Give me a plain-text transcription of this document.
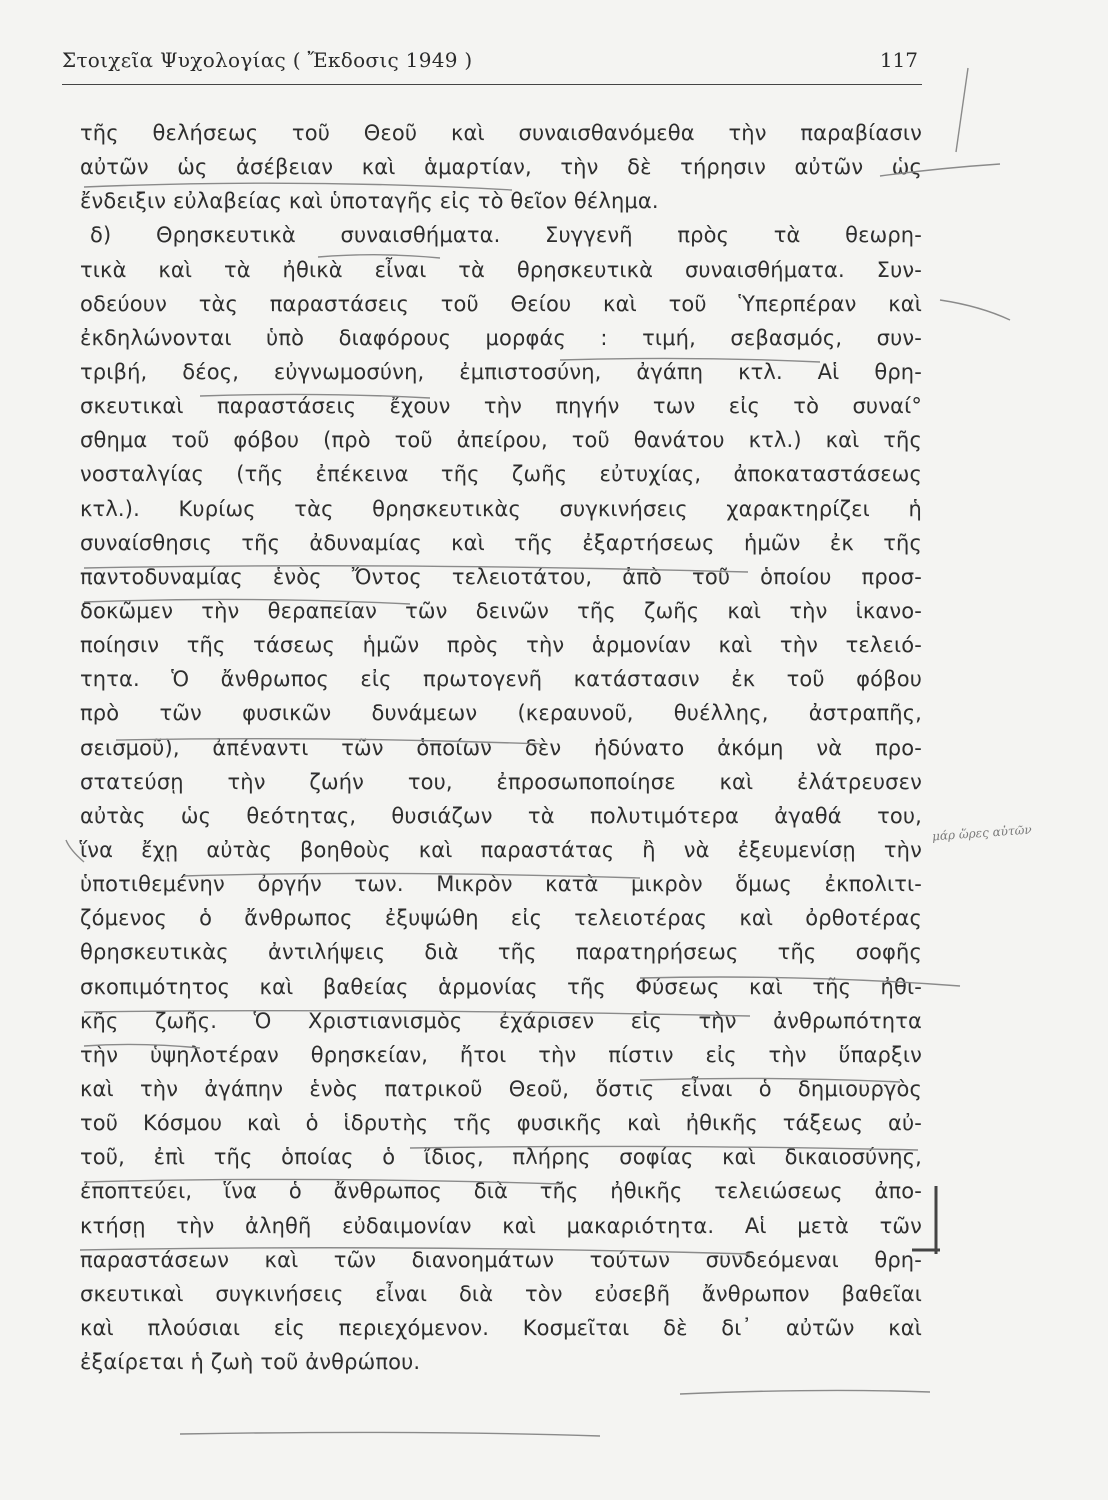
Στοιχεῖα Ψυχολογίας ( Ἔκδοσις 1949 )	117
τῆς θελήσεως τοῦ Θεοῦ καὶ συναισθανόμεθα τὴν παραβίασιν
αὐτῶν ὡς ἀσέβειαν καὶ ἁμαρτίαν, τὴν δὲ τήρησιν αὐτῶν ὡς
ἔνδειξιν εὐλαβείας καὶ ὑποταγῆς εἰς τὸ θεῖον θέλημα.
δ) Θρησκευτικὰ συναισθήματα. Συγγενῆ πρὸς τὰ θεωρη-
τικὰ καὶ τὰ ἠθικὰ εἶναι τὰ θρησκευτικὰ συναισθήματα. Συν-
οδεύουν τὰς παραστάσεις τοῦ Θείου καὶ τοῦ Ὑπερπέραν καὶ
ἐκδηλώνονται ὑπὸ διαφόρους μορφάς : τιμή, σεβασμός, συν-
τριβή, δέος, εὐγνωμοσύνη, ἐμπιστοσύνη, ἀγάπη κτλ. Αἱ θρη-
σκευτικαὶ παραστάσεις ἔχουν τὴν πηγήν των εἰς τὸ συναί°
σθημα τοῦ φόβου (πρὸ τοῦ ἀπείρου, τοῦ θανάτου κτλ.) καὶ τῆς
νοσταλγίας (τῆς ἐπέκεινα τῆς ζωῆς εὐτυχίας, ἀποκαταστάσεως
κτλ.). Κυρίως τὰς θρησκευτικὰς συγκινήσεις χαρακτηρίζει ἡ
συναίσθησις τῆς ἀδυναμίας καὶ τῆς ἐξαρτήσεως ἡμῶν ἐκ τῆς
παντοδυναμίας ἑνὸς Ὄντος τελειοτάτου, ἀπὸ τοῦ ὁποίου προσ-
δοκῶμεν τὴν θεραπείαν τῶν δεινῶν τῆς ζωῆς καὶ τὴν ἱκανο-
ποίησιν τῆς τάσεως ἡμῶν πρὸς τὴν ἁρμονίαν καὶ τὴν τελειό-
τητα. Ὁ ἄνθρωπος εἰς πρωτογενῆ κατάστασιν ἐκ τοῦ φόβου
πρὸ τῶν φυσικῶν δυνάμεων (κεραυνοῦ, θυέλλης, ἀστραπῆς,
σεισμοῦ), ἀπέναντι τῶν ὁποίων δὲν ἠδύνατο ἀκόμη νὰ προ-
στατεύσῃ τὴν ζωήν του, ἐπροσωποποίησε καὶ ἐλάτρευσεν
αὐτὰς ὡς θεότητας, θυσιάζων τὰ πολυτιμότερα ἀγαθά του,
ἵνα ἔχῃ αὐτὰς βοηθοὺς καὶ παραστάτας ἢ νὰ ἐξευμενίσῃ τὴν
ὑποτιθεμένην ὀργήν των. Μικρὸν κατὰ μικρὸν ὅμως ἐκπολιτι-
ζόμενος ὁ ἄνθρωπος ἐξυψώθη εἰς τελειοτέρας καὶ ὀρθοτέρας
θρησκευτικὰς ἀντιλήψεις διὰ τῆς παρατηρήσεως τῆς σοφῆς
σκοπιμότητος καὶ βαθείας ἁρμονίας τῆς Φύσεως καὶ τῆς ἠθι-
κῆς ζωῆς. Ὁ Χριστιανισμὸς ἐχάρισεν εἰς τὴν ἀνθρωπότητα
τὴν ὑψηλοτέραν θρησκείαν, ἤτοι τὴν πίστιν εἰς τὴν ὕπαρξιν
καὶ τὴν ἀγάπην ἑνὸς πατρικοῦ Θεοῦ, ὅστις εἶναι ὁ δημιουργὸς
τοῦ Κόσμου καὶ ὁ ἱδρυτὴς τῆς φυσικῆς καὶ ἠθικῆς τάξεως αὐ-
τοῦ, ἐπὶ τῆς ὁποίας ὁ ἴδιος, πλήρης σοφίας καὶ δικαιοσύνης,
ἐποπτεύει, ἵνα ὁ ἄνθρωπος διὰ τῆς ἠθικῆς τελειώσεως ἀπο-
κτήσῃ τὴν ἀληθῆ εὐδαιμονίαν καὶ μακαριότητα. Αἱ μετὰ τῶν
παραστάσεων καὶ τῶν διανοημάτων τούτων συνδεόμεναι θρη-
σκευτικαὶ συγκινήσεις εἶναι διὰ τὸν εὐσεβῆ ἄνθρωπον βαθεῖαι
καὶ πλούσιαι εἰς περιεχόμενον. Κοσμεῖται δὲ δι᾿ αὐτῶν καὶ
ἐξαίρεται ἡ ζωὴ τοῦ ἀνθρώπου.
μάρ ὥρες αὐτῶν
